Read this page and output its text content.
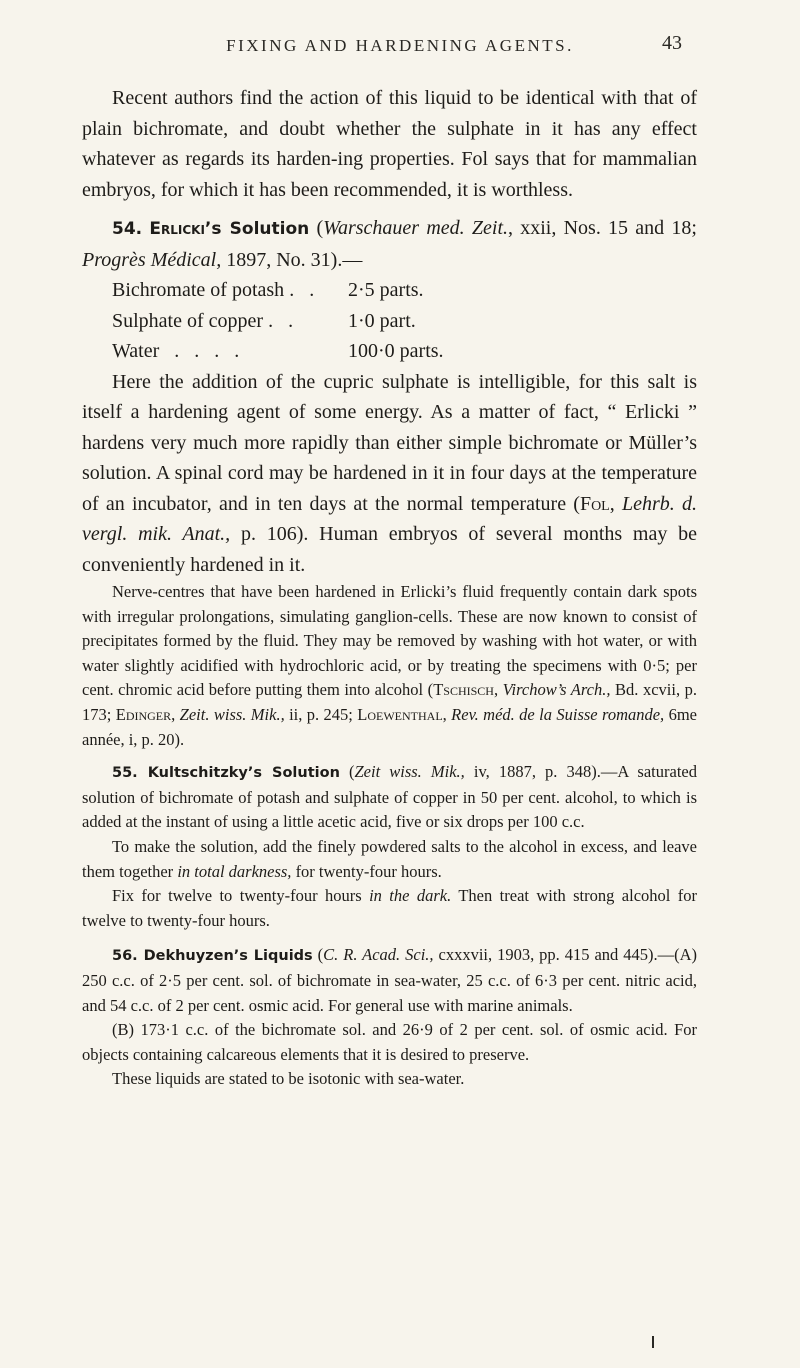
FIXING AND HARDENING AGENTS.	43

Recent authors find the action of this liquid to be identical with that of plain bichromate, and doubt whether the sulphate in it has any effect whatever as regards its harden-ing properties. Fol says that for mammalian embryos, for which it has been recommended, it is worthless.

54. Erlicki’s Solution (Warschauer med. Zeit., xxii, Nos. 15 and 18; Progrès Médical, 1897, No. 31).—

Bichromate of potash .   .	2·5 parts.
Sulphate of copper .   .	1·0 part.
Water   .   .   .   .	100·0 parts.

Here the addition of the cupric sulphate is intelligible, for this salt is itself a hardening agent of some energy. As a matter of fact, “ Erlicki ” hardens very much more rapidly than either simple bichromate or Müller’s solution. A spinal cord may be hardened in it in four days at the temperature of an incubator, and in ten days at the normal temperature (Fol, Lehrb. d. vergl. mik. Anat., p. 106). Human embryos of several months may be conveniently hardened in it.

Nerve-centres that have been hardened in Erlicki’s fluid frequently contain dark spots with irregular prolongations, simulating ganglion-cells. These are now known to consist of precipitates formed by the fluid. They may be removed by washing with hot water, or with water slightly acidified with hydrochloric acid, or by treating the specimens with 0·5; per cent. chromic acid before putting them into alcohol (Tschisch, Virchow’s Arch., Bd. xcvii, p. 173; Edinger, Zeit. wiss. Mik., ii, p. 245; Loewenthal, Rev. méd. de la Suisse romande, 6me année, i, p. 20).

55. Kultschitzky’s Solution (Zeit wiss. Mik., iv, 1887, p. 348).—A saturated solution of bichromate of potash and sulphate of copper in 50 per cent. alcohol, to which is added at the instant of using a little acetic acid, five or six drops per 100 c.c.

To make the solution, add the finely powdered salts to the alcohol in excess, and leave them together in total darkness, for twenty-four hours.

Fix for twelve to twenty-four hours in the dark. Then treat with strong alcohol for twelve to twenty-four hours.

56. Dekhuyzen’s Liquids (C. R. Acad. Sci., cxxxvii, 1903, pp. 415 and 445).—(A) 250 c.c. of 2·5 per cent. sol. of bichromate in sea-water, 25 c.c. of 6·3 per cent. nitric acid, and 54 c.c. of 2 per cent. osmic acid. For general use with marine animals.

(B) 173·1 c.c. of the bichromate sol. and 26·9 of 2 per cent. sol. of osmic acid. For objects containing calcareous elements that it is desired to preserve.

These liquids are stated to be isotonic with sea-water.
